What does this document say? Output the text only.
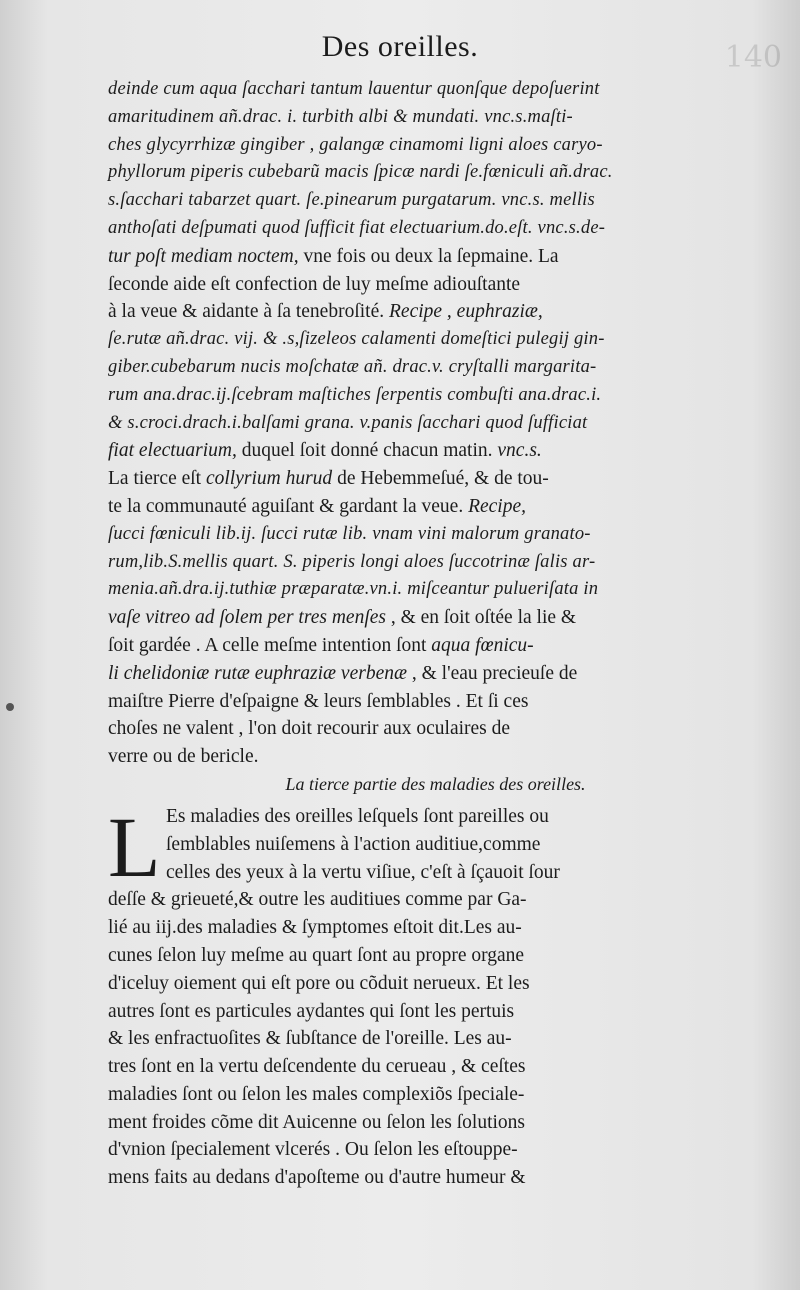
140
Des oreilles.
deinde cum aqua ſacchari tantum lauentur quonſque depoſuerint
amaritudinem añ.drac. i. turbith albi & mundati. vnc.s.maſti-
ches glycyrrhizæ gingiber , galangæ cinamomi ligni aloes caryo-
phyllorum piperis cubebarũ macis ſpicæ nardi ſe.fœniculi añ.drac.
s.ſacchari tabarzet quart. ſe.pinearum purgatarum. vnc.s. mellis
anthoſati deſpumati quod ſufficit fiat electuarium.do.eſt. vnc.s.de-
tur poſt mediam noctem, vne fois ou deux la ſepmaine. La
ſeconde aide eſt confection de luy meſme adiouſtante
à la veue & aidante à ſa tenebroſité. Recipe , euphraziæ,
ſe.rutæ añ.drac. vij. & .s,ſizeleos calamenti domeſtici pulegij gin-
giber.cubebarum nucis moſchatæ añ. drac.v. cryſtalli margarita-
rum ana.drac.ij.ſcebram maſtiches ſerpentis combuſti ana.drac.i.
& s.croci.drach.i.balſami grana. v.panis ſacchari quod ſufficiat
fiat electuarium, duquel ſoit donné chacun matin. vnc.s.
La tierce eſt collyrium hurud de Hebemmeſué, & de tou-
te la communauté aguiſant & gardant la veue. Recipe,
ſucci fœniculi lib.ij. ſucci rutæ lib. vnam vini malorum granato-
rum,lib.S.mellis quart. S. piperis longi aloes ſuccotrinæ ſalis ar-
menia.añ.dra.ij.tuthiæ præparatæ.vn.i. miſceantur pulueriſata in
vaſe vitreo ad ſolem per tres menſes , & en ſoit oſtée la lie &
ſoit gardée . A celle meſme intention ſont aqua fœnicu-
li chelidoniæ rutæ euphraziæ verbenæ , & l'eau precieuſe de
maiſtre Pierre d'eſpaigne & leurs ſemblables . Et ſi ces
choſes ne valent , l'on doit recourir aux oculaires de
verre ou de bericle.
La tierce partie des maladies des oreilles.
L Es maladies des oreilles leſquels ſont pareilles ou
ſemblables nuiſemens à l'action auditiue,comme
celles des yeux à la vertu viſiue, c'eſt à ſçauoit ſour
deſſe & grieueté,& outre les auditiues comme par Ga-
lié au iij.des maladies & ſymptomes eſtoit dit.Les au-
cunes ſelon luy meſme au quart ſont au propre organe
d'iceluy oiement qui eſt pore ou cõduit nerueux. Et les
autres ſont es particules aydantes qui ſont les pertuis
& les enfractuoſites & ſubſtance de l'oreille. Les au-
tres ſont en la vertu deſcendente du cerueau , & ceſtes
maladies ſont ou ſelon les males complexiõs ſpeciale-
ment froides cõme dit Auicenne ou ſelon les ſolutions
d'vnion ſpecialement vlcerés . Ou ſelon les eſtouppe-
mens faits au dedans d'apoſteme ou d'autre humeur &
